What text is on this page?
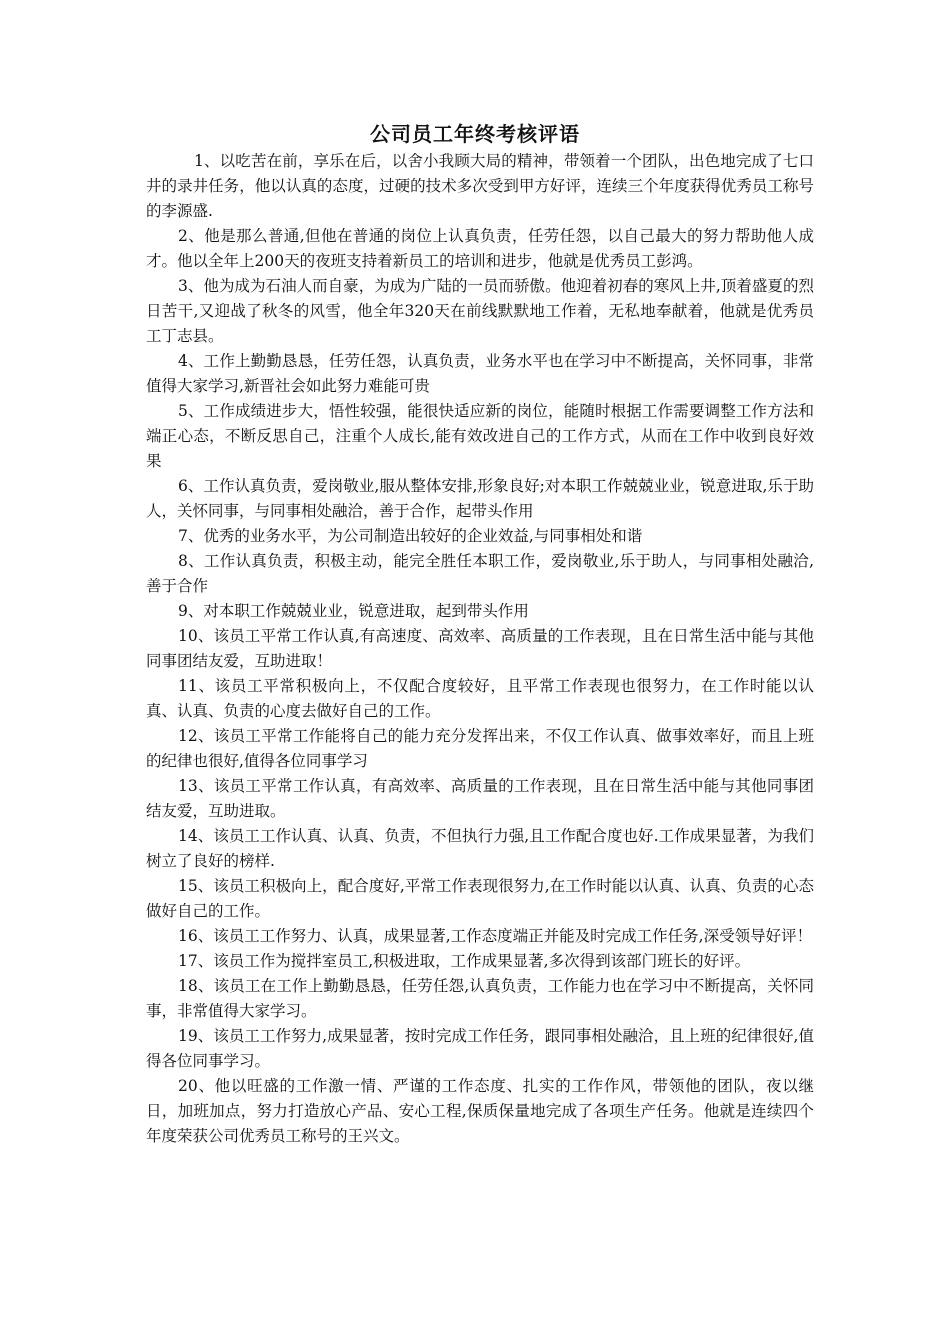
公司员工年终考核评语

1、以吃苦在前，享乐在后，以舍小我顾大局的精神，带领着一个团队，出色地完成了七口井的录井任务，他以认真的态度，过硬的技术多次受到甲方好评，连续三个年度获得优秀员工称号的李源盛.

2、他是那么普通,但他在普通的岗位上认真负责，任劳任怨，以自己最大的努力帮助他人成才。他以全年上200天的夜班支持着新员工的培训和进步，他就是优秀员工彭鸿。

3、他为成为石油人而自豪，为成为广陆的一员而骄傲。他迎着初春的寒风上井,顶着盛夏的烈日苦干,又迎战了秋冬的风雪，他全年320天在前线默默地工作着，无私地奉献着，他就是优秀员工丁志县。

4、工作上勤勤恳恳，任劳任怨，认真负责，业务水平也在学习中不断提高，关怀同事，非常值得大家学习,新晋社会如此努力难能可贵

5、工作成绩进步大，悟性较强，能很快适应新的岗位，能随时根据工作需要调整工作方法和端正心态，不断反思自己，注重个人成长,能有效改进自己的工作方式，从而在工作中收到良好效果

6、工作认真负责，爱岗敬业,服从整体安排,形象良好;对本职工作兢兢业业，锐意进取,乐于助人，关怀同事，与同事相处融洽，善于合作，起带头作用

7、优秀的业务水平，为公司制造出较好的企业效益,与同事相处和谐

8、工作认真负责，积极主动，能完全胜任本职工作，爱岗敬业,乐于助人，与同事相处融洽,善于合作

9、对本职工作兢兢业业，锐意进取，起到带头作用

10、该员工平常工作认真,有高速度、高效率、高质量的工作表现，且在日常生活中能与其他同事团结友爱，互助进取！

11、该员工平常积极向上，不仅配合度较好，且平常工作表现也很努力，在工作时能以认真、认真、负责的心度去做好自己的工作。

12、该员工平常工作能将自己的能力充分发挥出来，不仅工作认真、做事效率好，而且上班的纪律也很好,值得各位同事学习

13、该员工平常工作认真，有高效率、高质量的工作表现，且在日常生活中能与其他同事团结友爱，互助进取。

14、该员工工作认真、认真、负责，不但执行力强,且工作配合度也好.工作成果显著，为我们树立了良好的榜样.

15、该员工积极向上，配合度好,平常工作表现很努力,在工作时能以认真、认真、负责的心态做好自己的工作。

16、该员工工作努力、认真，成果显著,工作态度端正并能及时完成工作任务,深受领导好评！

17、该员工作为搅拌室员工,积极进取，工作成果显著,多次得到该部门班长的好评。

18、该员工在工作上勤勤恳恳，任劳任怨,认真负责，工作能力也在学习中不断提高，关怀同事，非常值得大家学习。

19、该员工工作努力,成果显著，按时完成工作任务，跟同事相处融洽，且上班的纪律很好,值得各位同事学习。

20、他以旺盛的工作激一情、严谨的工作态度、扎实的工作作风，带领他的团队，夜以继日，加班加点，努力打造放心产品、安心工程,保质保量地完成了各项生产任务。他就是连续四个年度荣获公司优秀员工称号的王兴文。
